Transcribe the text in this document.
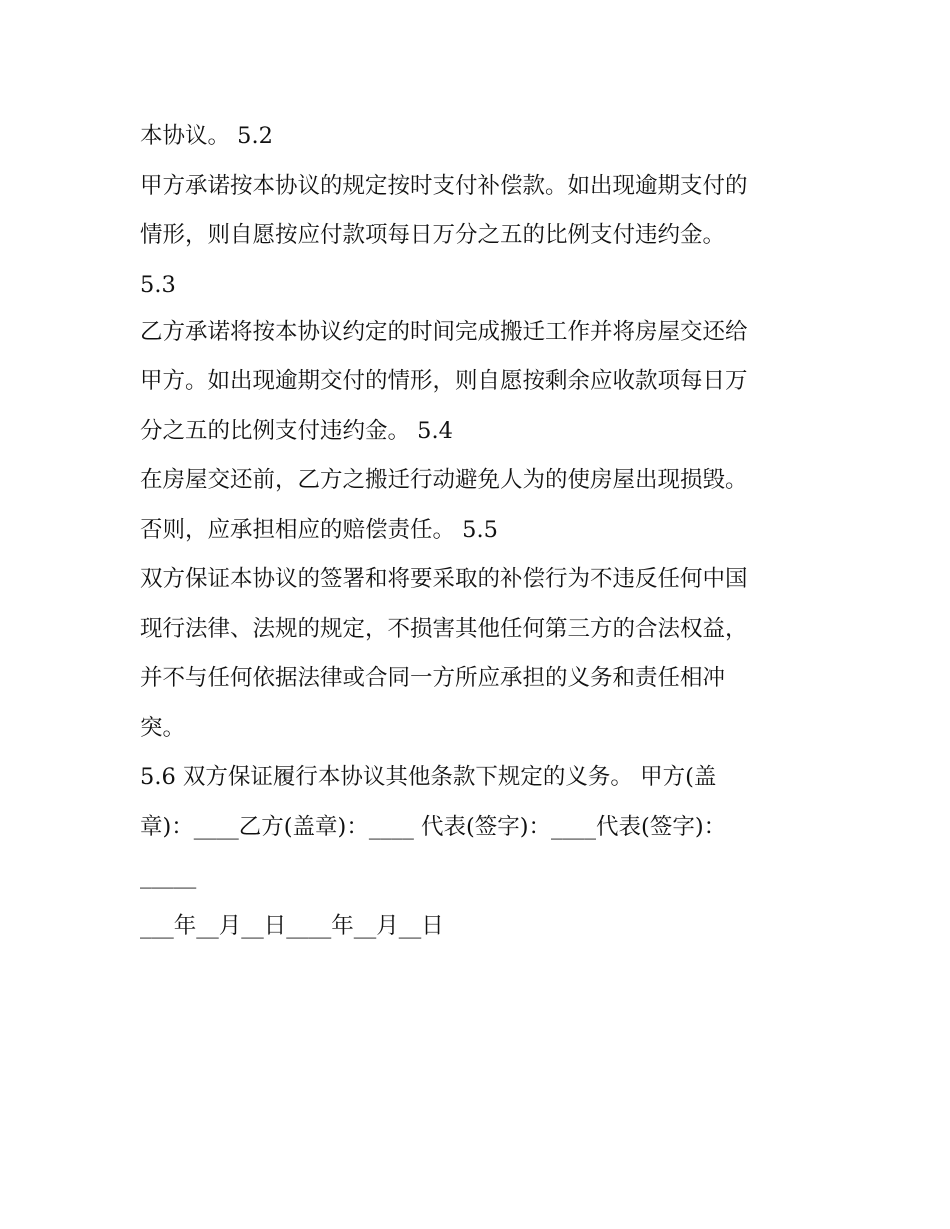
本协议。 5.2
甲方承诺按本协议的规定按时支付补偿款。如出现逾期支付的
情形，则自愿按应付款项每日万分之五的比例支付违约金。
5.3
乙方承诺将按本协议约定的时间完成搬迁工作并将房屋交还给
甲方。如出现逾期交付的情形，则自愿按剩余应收款项每日万
分之五的比例支付违约金。 5.4
在房屋交还前，乙方之搬迁行动避免人为的使房屋出现损毁。
否则，应承担相应的赔偿责任。 5.5
双方保证本协议的签署和将要采取的补偿行为不违反任何中国
现行法律、法规的规定，不损害其他任何第三方的合法权益，
并不与任何依据法律或合同一方所应承担的义务和责任相冲
突。
5.6 双方保证履行本协议其他条款下规定的义务。 甲方(盖
章)：____乙方(盖章)：____ 代表(签字)：____代表(签字)：
_____
___年__月__日____年__月__日
